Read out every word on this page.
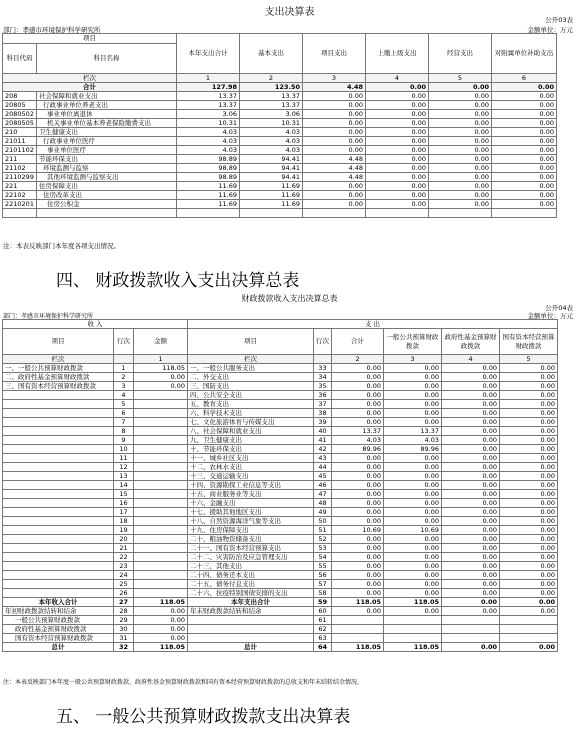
支出决算表
公开03表
部门：孝感市环境保护科学研究所	金额单位：万元
项目		本年支出合计	基本支出	项目支出	上缴上级支出	经营支出	对附属单位补助支出
科目代码	科目名称						
栏次		1	2	3	4	5	6
合计		127.98	123.50	4.48	0.00	0.00	0.00
208	社会保障和就业支出	13.37	13.37	0.00	0.00	0.00	0.00
20805	行政事业单位养老支出	13.37	13.37	0.00	0.00	0.00	0.00
2080502	事业单位离退休	3.06	3.06	0.00	0.00	0.00	0.00
2080505	机关事业单位基本养老保险缴费支出	10.31	10.31	0.00	0.00	0.00	0.00
210	卫生健康支出	4.03	4.03	0.00	0.00	0.00	0.00
21011	行政事业单位医疗	4.03	4.03	0.00	0.00	0.00	0.00
2101102	事业单位医疗	4.03	4.03	0.00	0.00	0.00	0.00
211	节能环保支出	98.89	94.41	4.48	0.00	0.00	0.00
21102	环境监测与监察	98.89	94.41	4.48	0.00	0.00	0.00
2110299	其他环境监测与监察支出	98.89	94.41	4.48	0.00	0.00	0.00
221	住房保障支出	11.69	11.69	0.00	0.00	0.00	0.00
22102	住房改革支出	11.69	11.69	0.00	0.00	0.00	0.00
2210201	住房公积金	11.69	11.69	0.00	0.00	0.00	0.00

注：本表反映部门本年度各项支出情况。
四、 财政拨款收入支出决算总表
财政拨款收入支出决算总表
公开04表
部门：孝感市环境保护科学研究所	金额单位：万元
收 入			支 出					
项目	行次	金额	项目	行次	合计	一般公共预算财政拨款	政府性基金预算财政拨款	国有资本经营预算财政拨款
栏次		1	栏次		2	3	4	5
一、一般公共预算财政拨款	1	118.05	一、一般公共服务支出	33	0.00	0.00	0.00	0.00
二、政府性基金预算财政拨款	2	0.00	二、外交支出	34	0.00	0.00	0.00	0.00
三、国有资本经营预算财政拨款	3	0.00	三、国防支出	35	0.00	0.00	0.00	0.00
	4		四、公共安全支出	36	0.00	0.00	0.00	0.00
	5		五、教育支出	37	0.00	0.00	0.00	0.00
	6		六、科学技术支出	38	0.00	0.00	0.00	0.00
	7		七、文化旅游体育与传媒支出	39	0.00	0.00	0.00	0.00
	8		八、社会保障和就业支出	40	13.37	13.37	0.00	0.00
	9		九、卫生健康支出	41	4.03	4.03	0.00	0.00
	10		十、节能环保支出	42	89.96	89.96	0.00	0.00
	11		十一、城乡社区支出	43	0.00	0.00	0.00	0.00
	12		十二、农林水支出	44	0.00	0.00	0.00	0.00
	13		十三、交通运输支出	45	0.00	0.00	0.00	0.00
	14		十四、资源勘探工业信息等支出	46	0.00	0.00	0.00	0.00
	15		十五、商业服务业等支出	47	0.00	0.00	0.00	0.00
	16		十六、金融支出	48	0.00	0.00	0.00	0.00
	17		十七、援助其他地区支出	49	0.00	0.00	0.00	0.00
	18		十八、自然资源海洋气象等支出	50	0.00	0.00	0.00	0.00
	19		十九、住房保障支出	51	10.69	10.69	0.00	0.00
	20		二十、粮油物资储备支出	52	0.00	0.00	0.00	0.00
	21		二十一、国有资本经营预算支出	53	0.00	0.00	0.00	0.00
	22		二十二、灾害防治及应急管理支出	54	0.00	0.00	0.00	0.00
	23		二十三、其他支出	55	0.00	0.00	0.00	0.00
	24		二十四、债务还本支出	56	0.00	0.00	0.00	0.00
	25		二十五、债务付息支出	57	0.00	0.00	0.00	0.00
	26		二十六、抗疫特别国债安排的支出	58	0.00	0.00	0.00	0.00
本年收入合计	27	118.05	本年支出合计	59	118.05	118.05	0.00	0.00
年初财政拨款结转和结余	28	0.00	年末财政拨款结转和结余	60	0.00	0.00	0.00	0.00
一般公共预算财政拨款	29	0.00		61				
政府性基金预算财政拨款	30	0.00		62				
国有资本经营预算财政拨款	31	0.00		63				
总计	32	118.05	总计	64	118.05	118.05	0.00	0.00
注：本表反映部门本年度一般公共预算财政拨款、政府性基金预算财政拨款和国有资本经营预算财政拨款的总收支和年末结转结余情况。
五、 一般公共预算财政拨款支出决算表
